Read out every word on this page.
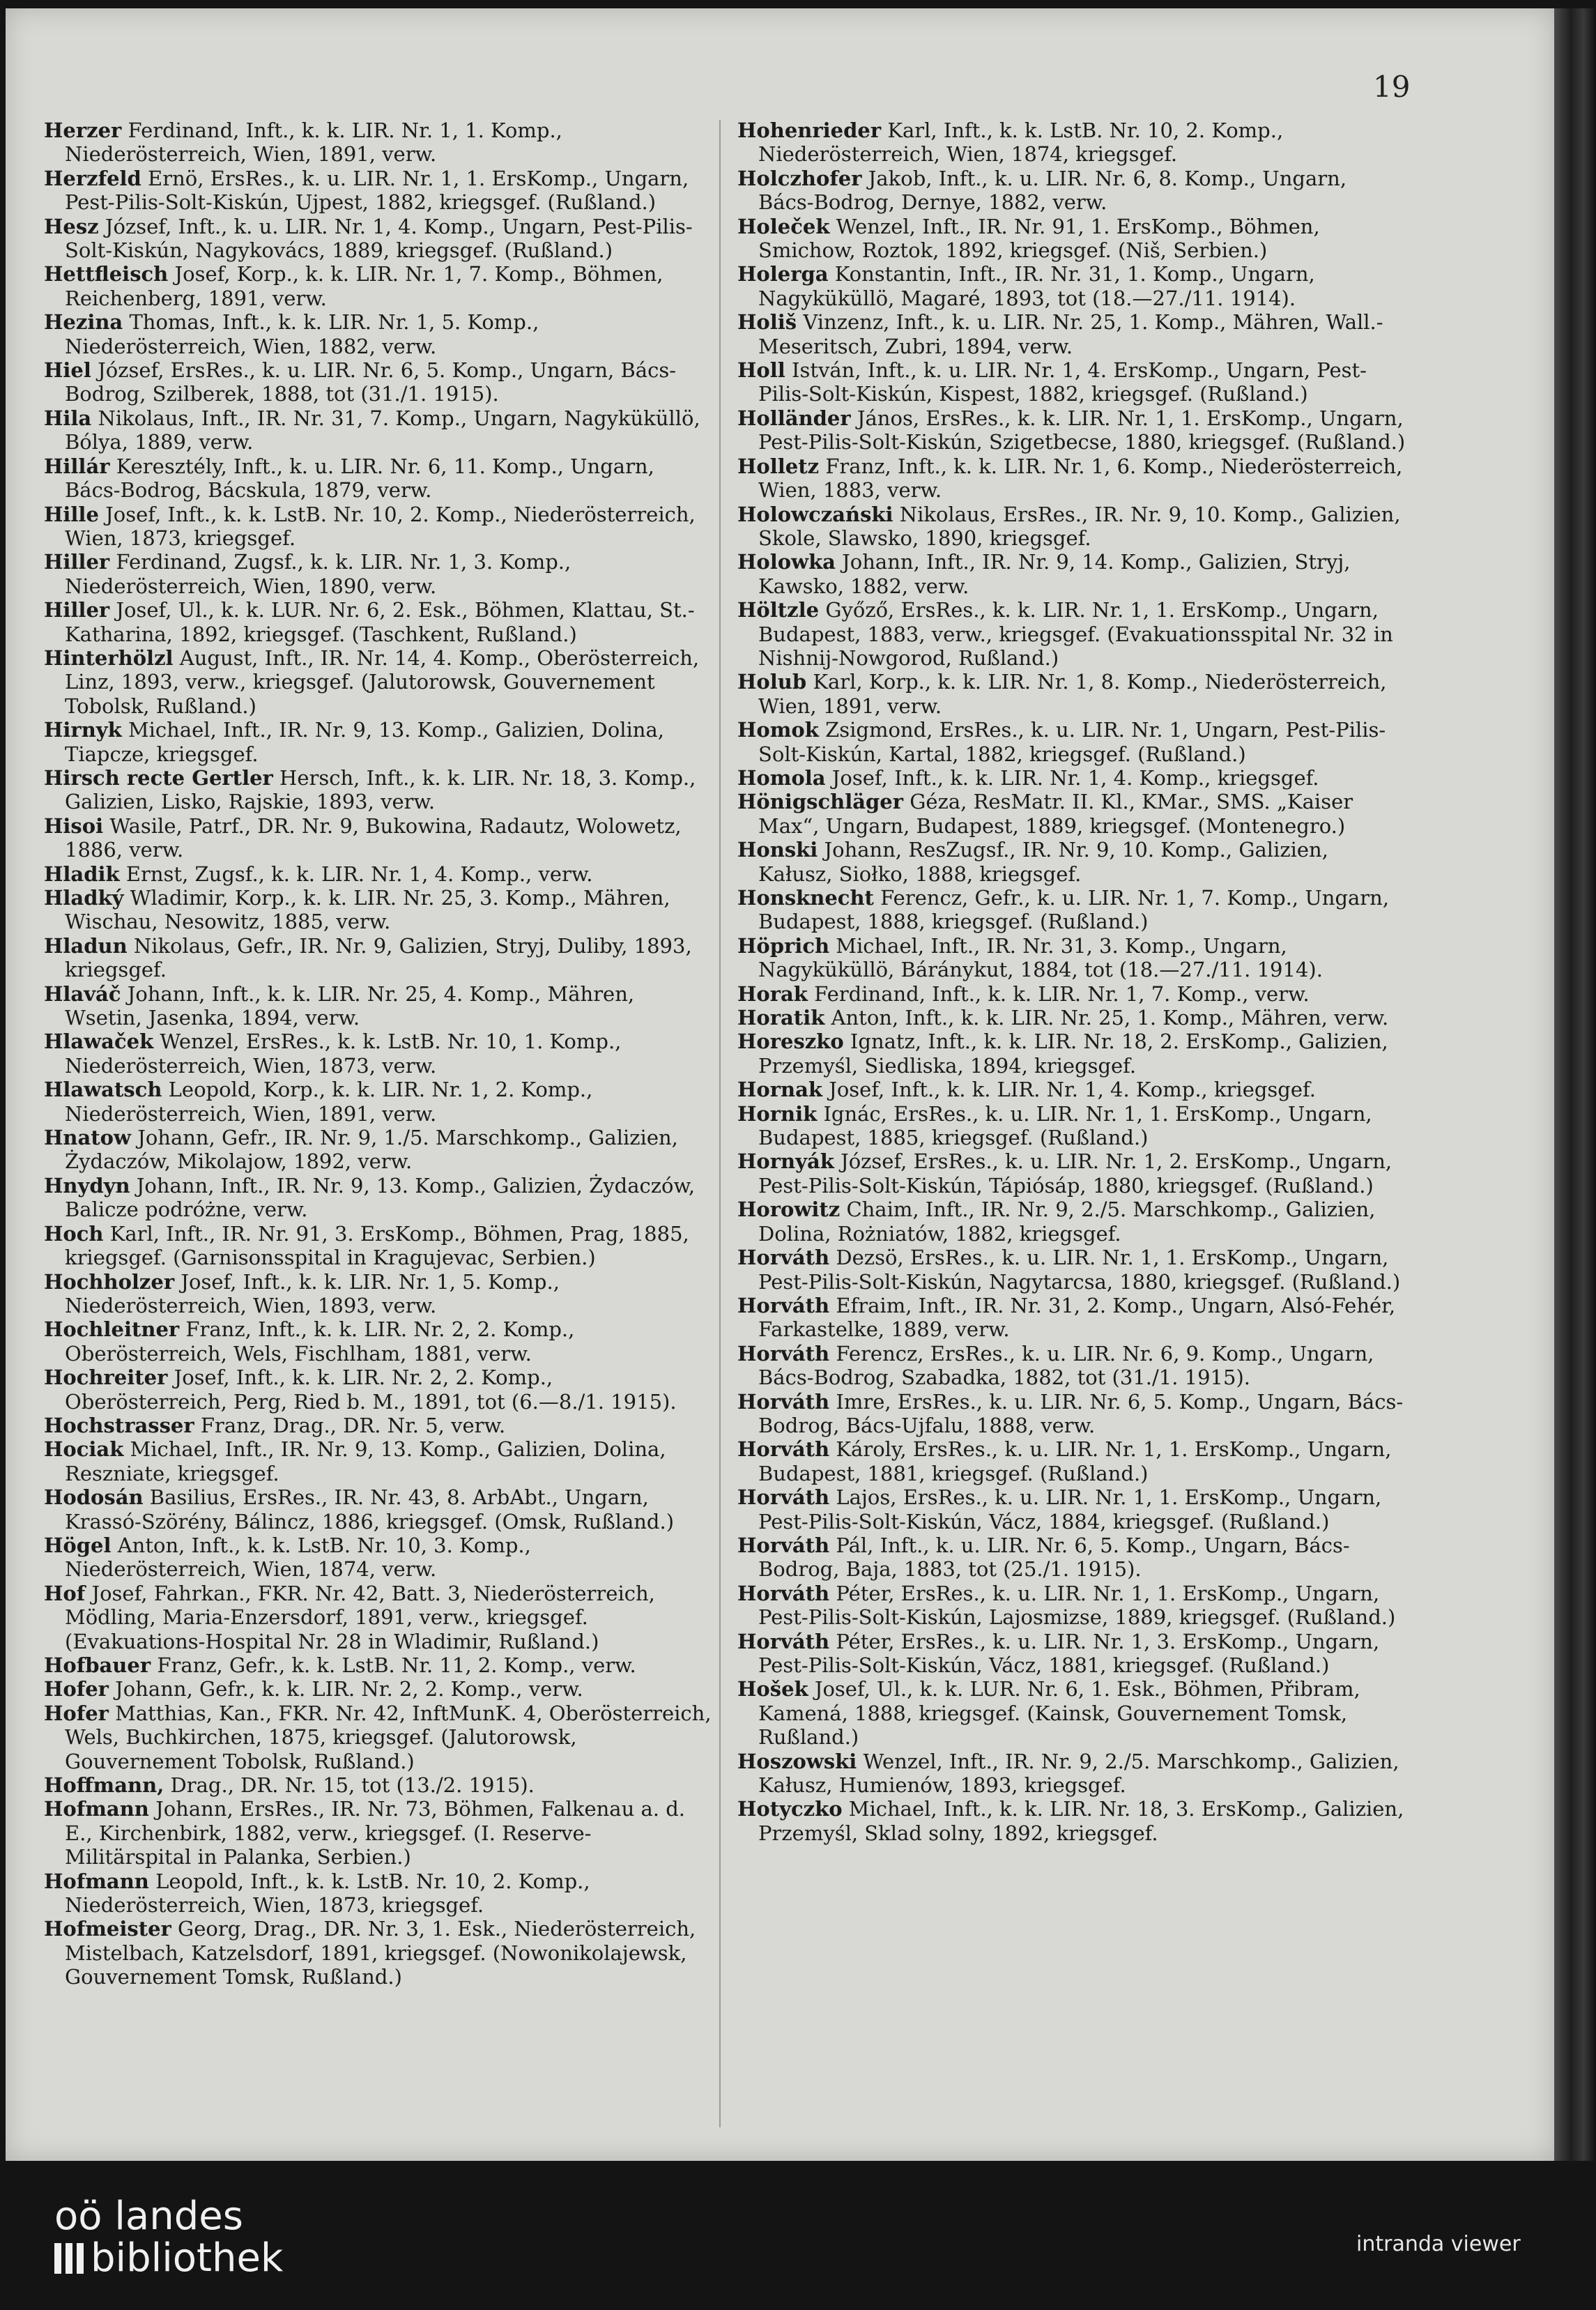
19

Herzer Ferdinand, Inft., k. k. LIR. Nr. 1, 1. Komp., Niederösterreich, Wien, 1891, verw.

Herzfeld Ernö, ErsRes., k. u. LIR. Nr. 1, 1. ErsKomp., Ungarn, Pest-Pilis-Solt-Kiskún, Ujpest, 1882, kriegsgef. (Rußland.)

Hesz József, Inft., k. u. LIR. Nr. 1, 4. Komp., Ungarn, Pest-Pilis-Solt-Kiskún, Nagykovács, 1889, kriegsgef. (Rußland.)

Hettfleisch Josef, Korp., k. k. LIR. Nr. 1, 7. Komp., Böhmen, Reichenberg, 1891, verw.

Hezina Thomas, Inft., k. k. LIR. Nr. 1, 5. Komp., Niederösterreich, Wien, 1882, verw.

Hiel József, ErsRes., k. u. LIR. Nr. 6, 5. Komp., Ungarn, Bács-Bodrog, Szilberek, 1888, tot (31./1. 1915).

Hila Nikolaus, Inft., IR. Nr. 31, 7. Komp., Ungarn, Nagyküküllö, Bólya, 1889, verw.

Hillár Keresztély, Inft., k. u. LIR. Nr. 6, 11. Komp., Ungarn, Bács-Bodrog, Bácskula, 1879, verw.

Hille Josef, Inft., k. k. LstB. Nr. 10, 2. Komp., Niederösterreich, Wien, 1873, kriegsgef.

Hiller Ferdinand, Zugsf., k. k. LIR. Nr. 1, 3. Komp., Niederösterreich, Wien, 1890, verw.

Hiller Josef, Ul., k. k. LUR. Nr. 6, 2. Esk., Böhmen, Klattau, St.-Katharina, 1892, kriegsgef. (Taschkent, Rußland.)

Hinterhölzl August, Inft., IR. Nr. 14, 4. Komp., Oberösterreich, Linz, 1893, verw., kriegsgef. (Jalutorowsk, Gouvernement Tobolsk, Rußland.)

Hirnyk Michael, Inft., IR. Nr. 9, 13. Komp., Galizien, Dolina, Tiapcze, kriegsgef.

Hirsch recte Gertler Hersch, Inft., k. k. LIR. Nr. 18, 3. Komp., Galizien, Lisko, Rajskie, 1893, verw.

Hisoi Wasile, Patrf., DR. Nr. 9, Bukowina, Radautz, Wolowetz, 1886, verw.

Hladik Ernst, Zugsf., k. k. LIR. Nr. 1, 4. Komp., verw.

Hladký Wladimir, Korp., k. k. LIR. Nr. 25, 3. Komp., Mähren, Wischau, Nesowitz, 1885, verw.

Hladun Nikolaus, Gefr., IR. Nr. 9, Galizien, Stryj, Duliby, 1893, kriegsgef.

Hlaváč Johann, Inft., k. k. LIR. Nr. 25, 4. Komp., Mähren, Wsetin, Jasenka, 1894, verw.

Hlawaček Wenzel, ErsRes., k. k. LstB. Nr. 10, 1. Komp., Niederösterreich, Wien, 1873, verw.

Hlawatsch Leopold, Korp., k. k. LIR. Nr. 1, 2. Komp., Niederösterreich, Wien, 1891, verw.

Hnatow Johann, Gefr., IR. Nr. 9, 1./5. Marschkomp., Galizien, Żydaczów, Mikolajow, 1892, verw.

Hnydyn Johann, Inft., IR. Nr. 9, 13. Komp., Galizien, Żydaczów, Balicze podróżne, verw.

Hoch Karl, Inft., IR. Nr. 91, 3. ErsKomp., Böhmen, Prag, 1885, kriegsgef. (Garnisonsspital in Kragujevac, Serbien.)

Hochholzer Josef, Inft., k. k. LIR. Nr. 1, 5. Komp., Niederösterreich, Wien, 1893, verw.

Hochleitner Franz, Inft., k. k. LIR. Nr. 2, 2. Komp., Oberösterreich, Wels, Fischlham, 1881, verw.

Hochreiter Josef, Inft., k. k. LIR. Nr. 2, 2. Komp., Oberösterreich, Perg, Ried b. M., 1891, tot (6.—8./1. 1915).

Hochstrasser Franz, Drag., DR. Nr. 5, verw.

Hociak Michael, Inft., IR. Nr. 9, 13. Komp., Galizien, Dolina, Reszniate, kriegsgef.

Hodosán Basilius, ErsRes., IR. Nr. 43, 8. ArbAbt., Ungarn, Krassó-Szörény, Bálincz, 1886, kriegsgef. (Omsk, Rußland.)

Högel Anton, Inft., k. k. LstB. Nr. 10, 3. Komp., Niederösterreich, Wien, 1874, verw.

Hof Josef, Fahrkan., FKR. Nr. 42, Batt. 3, Niederösterreich, Mödling, Maria-Enzersdorf, 1891, verw., kriegsgef. (Evakuations-Hospital Nr. 28 in Wladimir, Rußland.)

Hofbauer Franz, Gefr., k. k. LstB. Nr. 11, 2. Komp., verw.

Hofer Johann, Gefr., k. k. LIR. Nr. 2, 2. Komp., verw.

Hofer Matthias, Kan., FKR. Nr. 42, InftMunK. 4, Oberösterreich, Wels, Buchkirchen, 1875, kriegsgef. (Jalutorowsk, Gouvernement Tobolsk, Rußland.)

Hoffmann, Drag., DR. Nr. 15, tot (13./2. 1915).

Hofmann Johann, ErsRes., IR. Nr. 73, Böhmen, Falkenau a. d. E., Kirchenbirk, 1882, verw., kriegsgef. (I. Reserve-Militärspital in Palanka, Serbien.)

Hofmann Leopold, Inft., k. k. LstB. Nr. 10, 2. Komp., Niederösterreich, Wien, 1873, kriegsgef.

Hofmeister Georg, Drag., DR. Nr. 3, 1. Esk., Niederösterreich, Mistelbach, Katzelsdorf, 1891, kriegsgef. (Nowonikolajewsk, Gouvernement Tomsk, Rußland.)

Hohenrieder Karl, Inft., k. k. LstB. Nr. 10, 2. Komp., Niederösterreich, Wien, 1874, kriegsgef.

Holczhofer Jakob, Inft., k. u. LIR. Nr. 6, 8. Komp., Ungarn, Bács-Bodrog, Dernye, 1882, verw.

Holeček Wenzel, Inft., IR. Nr. 91, 1. ErsKomp., Böhmen, Smichow, Roztok, 1892, kriegsgef. (Niš, Serbien.)

Holerga Konstantin, Inft., IR. Nr. 31, 1. Komp., Ungarn, Nagyküküllö, Magaré, 1893, tot (18.—27./11. 1914).

Holiš Vinzenz, Inft., k. u. LIR. Nr. 25, 1. Komp., Mähren, Wall.-Meseritsch, Zubri, 1894, verw.

Holl István, Inft., k. u. LIR. Nr. 1, 4. ErsKomp., Ungarn, Pest-Pilis-Solt-Kiskún, Kispest, 1882, kriegsgef. (Rußland.)

Holländer János, ErsRes., k. k. LIR. Nr. 1, 1. ErsKomp., Ungarn, Pest-Pilis-Solt-Kiskún, Szigetbecse, 1880, kriegsgef. (Rußland.)

Holletz Franz, Inft., k. k. LIR. Nr. 1, 6. Komp., Niederösterreich, Wien, 1883, verw.

Holowczański Nikolaus, ErsRes., IR. Nr. 9, 10. Komp., Galizien, Skole, Slawsko, 1890, kriegsgef.

Holowka Johann, Inft., IR. Nr. 9, 14. Komp., Galizien, Stryj, Kawsko, 1882, verw.

Höltzle Győző, ErsRes., k. k. LIR. Nr. 1, 1. ErsKomp., Ungarn, Budapest, 1883, verw., kriegsgef. (Evakuationsspital Nr. 32 in Nishnij-Nowgorod, Rußland.)

Holub Karl, Korp., k. k. LIR. Nr. 1, 8. Komp., Niederösterreich, Wien, 1891, verw.

Homok Zsigmond, ErsRes., k. u. LIR. Nr. 1, Ungarn, Pest-Pilis-Solt-Kiskún, Kartal, 1882, kriegsgef. (Rußland.)

Homola Josef, Inft., k. k. LIR. Nr. 1, 4. Komp., kriegsgef.

Hönigschläger Géza, ResMatr. II. Kl., KMar., SMS. „Kaiser Max“, Ungarn, Budapest, 1889, kriegsgef. (Montenegro.)

Honski Johann, ResZugsf., IR. Nr. 9, 10. Komp., Galizien, Kałusz, Siołko, 1888, kriegsgef.

Honsknecht Ferencz, Gefr., k. u. LIR. Nr. 1, 7. Komp., Ungarn, Budapest, 1888, kriegsgef. (Rußland.)

Höprich Michael, Inft., IR. Nr. 31, 3. Komp., Ungarn, Nagyküküllö, Báránykut, 1884, tot (18.—27./11. 1914).

Horak Ferdinand, Inft., k. k. LIR. Nr. 1, 7. Komp., verw.

Horatik Anton, Inft., k. k. LIR. Nr. 25, 1. Komp., Mähren, verw.

Horeszko Ignatz, Inft., k. k. LIR. Nr. 18, 2. ErsKomp., Galizien, Przemyśl, Siedliska, 1894, kriegsgef.

Hornak Josef, Inft., k. k. LIR. Nr. 1, 4. Komp., kriegsgef.

Hornik Ignác, ErsRes., k. u. LIR. Nr. 1, 1. ErsKomp., Ungarn, Budapest, 1885, kriegsgef. (Rußland.)

Hornyák József, ErsRes., k. u. LIR. Nr. 1, 2. ErsKomp., Ungarn, Pest-Pilis-Solt-Kiskún, Tápiósáp, 1880, kriegsgef. (Rußland.)

Horowitz Chaim, Inft., IR. Nr. 9, 2./5. Marschkomp., Galizien, Dolina, Rożniatów, 1882, kriegsgef.

Horváth Dezsö, ErsRes., k. u. LIR. Nr. 1, 1. ErsKomp., Ungarn, Pest-Pilis-Solt-Kiskún, Nagytarcsa, 1880, kriegsgef. (Rußland.)

Horváth Efraim, Inft., IR. Nr. 31, 2. Komp., Ungarn, Alsó-Fehér, Farkastelke, 1889, verw.

Horváth Ferencz, ErsRes., k. u. LIR. Nr. 6, 9. Komp., Ungarn, Bács-Bodrog, Szabadka, 1882, tot (31./1. 1915).

Horváth Imre, ErsRes., k. u. LIR. Nr. 6, 5. Komp., Ungarn, Bács-Bodrog, Bács-Ujfalu, 1888, verw.

Horváth Károly, ErsRes., k. u. LIR. Nr. 1, 1. ErsKomp., Ungarn, Budapest, 1881, kriegsgef. (Rußland.)

Horváth Lajos, ErsRes., k. u. LIR. Nr. 1, 1. ErsKomp., Ungarn, Pest-Pilis-Solt-Kiskún, Vácz, 1884, kriegsgef. (Rußland.)

Horváth Pál, Inft., k. u. LIR. Nr. 6, 5. Komp., Ungarn, Bács-Bodrog, Baja, 1883, tot (25./1. 1915).

Horváth Péter, ErsRes., k. u. LIR. Nr. 1, 1. ErsKomp., Ungarn, Pest-Pilis-Solt-Kiskún, Lajosmizse, 1889, kriegsgef. (Rußland.)

Horváth Péter, ErsRes., k. u. LIR. Nr. 1, 3. ErsKomp., Ungarn, Pest-Pilis-Solt-Kiskún, Vácz, 1881, kriegsgef. (Rußland.)

Hošek Josef, Ul., k. k. LUR. Nr. 6, 1. Esk., Böhmen, Přibram, Kamená, 1888, kriegsgef. (Kainsk, Gouvernement Tomsk, Rußland.)

Hoszowski Wenzel, Inft., IR. Nr. 9, 2./5. Marschkomp., Galizien, Kałusz, Humienów, 1893, kriegsgef.

Hotyczko Michael, Inft., k. k. LIR. Nr. 18, 3. ErsKomp., Galizien, Przemyśl, Sklad solny, 1892, kriegsgef.

oö landes
bibliothek	intranda viewer
